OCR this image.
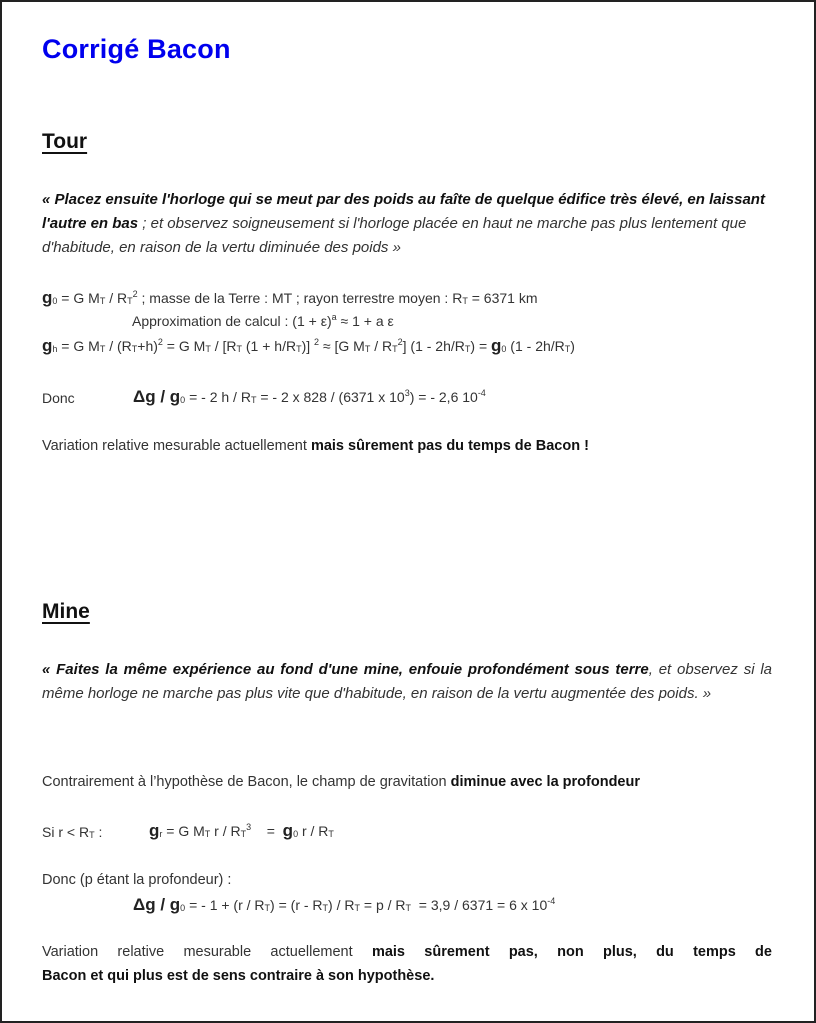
Corrigé Bacon
Tour
« Placez ensuite l'horloge qui se meut par des poids au faîte de quelque édifice très élevé, en laissant l'autre en bas ; et observez soigneusement si l'horloge placée en haut ne marche pas plus lentement que d'habitude, en raison de la vertu diminuée des poids »
$g_0 = G$ $M_T / R_T^2$ ; masse de la Terre : MT ; rayon terrestre moyen : $R_T = 6371$ km
Approximation de calcul : $(1 + \varepsilon)^a \approx 1 + a$ ε
$g_h = G$ $M_T / (R_T+h)^2 = G$ $M_T / [R_T$ $(1 + h/R_T)$] $^2$ ≈ [G $M_T / R_T^2$] $(1 - 2h/R_T) = g_0$ $(1 - 2h/R_T)$
Donc	Δg / $g_0$ = - 2 h / $R_T$ = - 2 x 828 / (6371 x $10^3$) = - 2,6 $10^{-4}$
Variation relative mesurable actuellement mais sûrement pas du temps de Bacon !
Mine
« Faites la même expérience au fond d'une mine, enfouie profondément sous terre, et observez si la même horloge ne marche pas plus vite que d'habitude, en raison de la vertu augmentée des poids. »
Contrairement à l’hypothèse de Bacon, le champ de gravitation diminue avec la profondeur
Si $r < R_T$ :	$g_r = G$ $M_T$ r / $R_T^3$    =  $g_0$ r / $R_T$
Donc (p étant la profondeur) :
Δg / $g_0$ = - $1 + (r / R_T) = (r - R_T) / R_T = p / R_T = 3,9 / 6371 = 6$ x $10^{-4}$
Variation relative mesurable actuellement mais sûrement pas, non plus, du temps de
Bacon et qui plus est de sens contraire à son hypothèse.
